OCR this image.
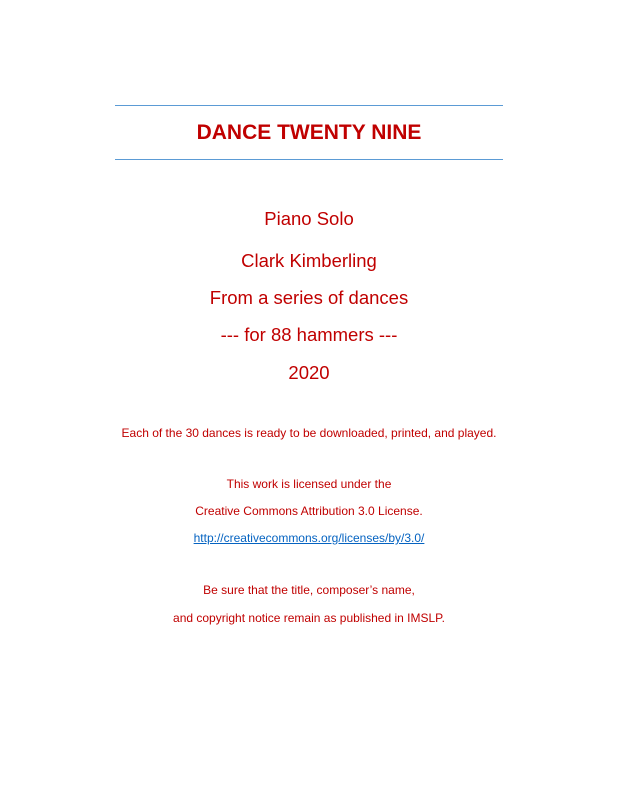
DANCE TWENTY NINE
Piano Solo
Clark Kimberling
From a series of dances
--- for 88 hammers ---
2020
Each of the 30 dances is ready to be downloaded, printed, and played.
This work is licensed under the
Creative Commons Attribution 3.0 License.
http://creativecommons.org/licenses/by/3.0/
Be sure that the title, composer’s name,
and copyright notice remain as published in IMSLP.
